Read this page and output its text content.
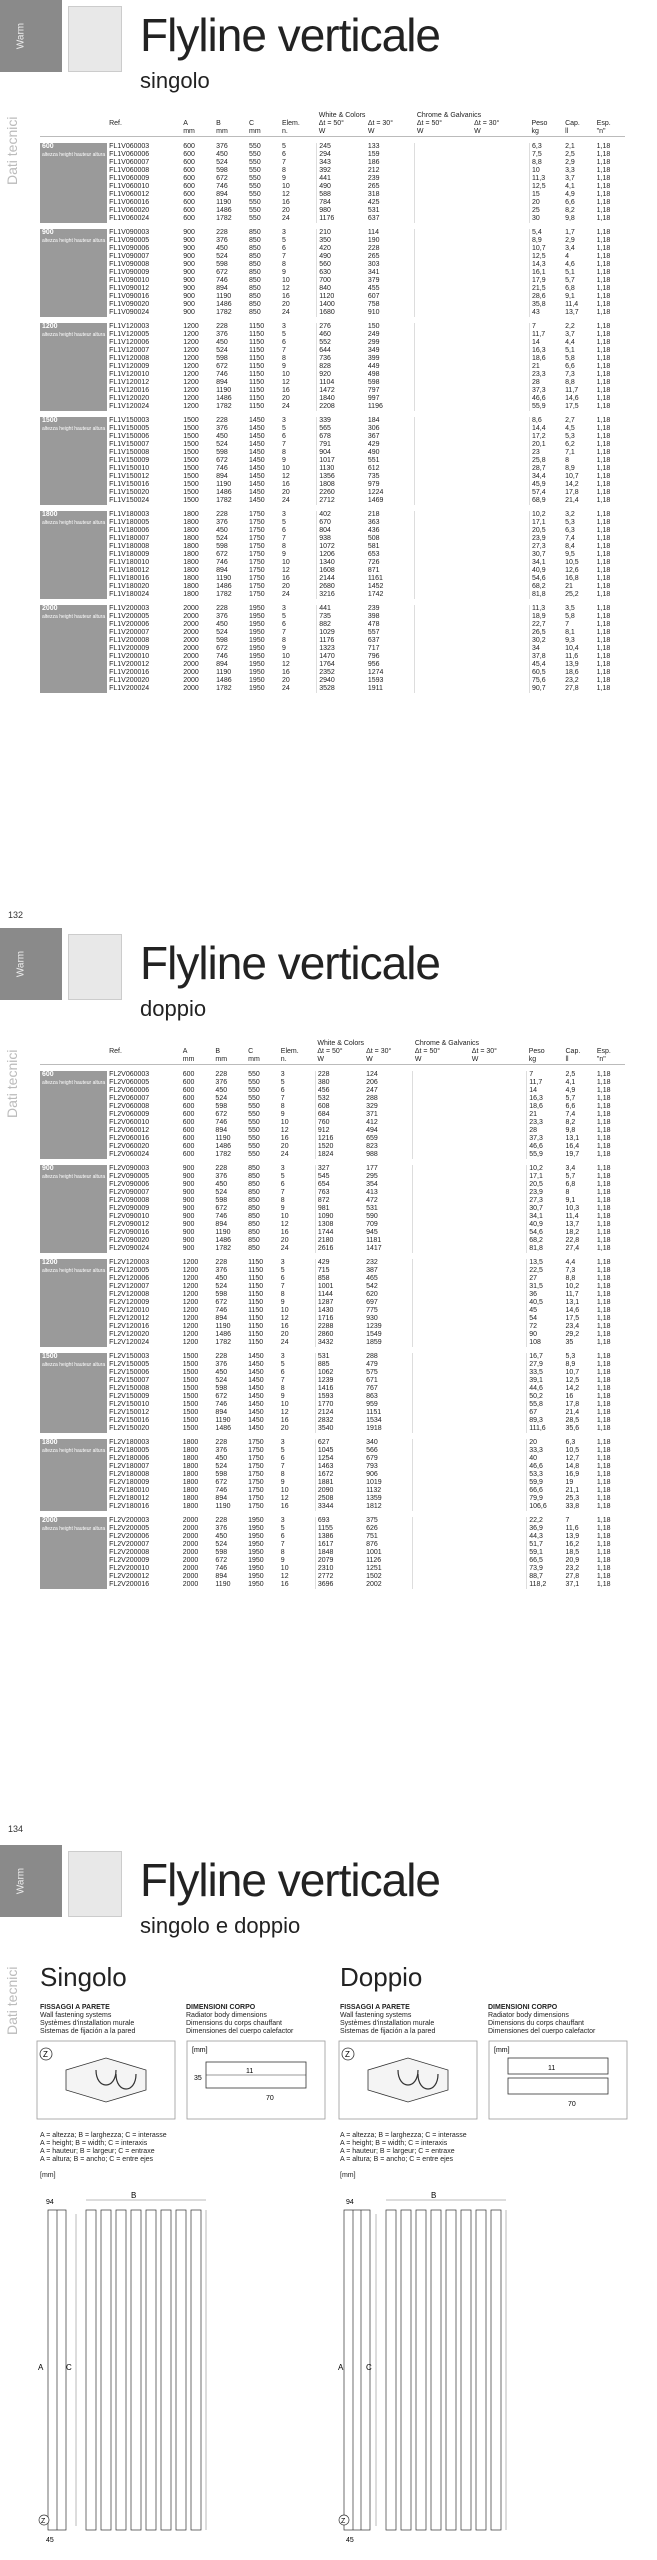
Warm
Dati tecnici
Flyline verticale
singolo
						White & Colors		Chrome & Galvanics				
	Ref.	A	B	C	Elem.	Δt = 50°	Δt = 30°	Δt = 50°	Δt = 30°	Peso	Cap.	Esp.
		mm	mm	mm	n.	W	W	W	W	kg	ll	"n"

600
altezza height hauteur altura	FL1V060003	600	376	550	5	245	133			6,3	2,1	1,18
	FL1V060006	600	450	550	6	294	159			7,5	2,5	1,18
	FL1V060007	600	524	550	7	343	186			8,8	2,9	1,18
	FL1V060008	600	598	550	8	392	212			10	3,3	1,18
	FL1V060009	600	672	550	9	441	239			11,3	3,7	1,18
	FL1V060010	600	746	550	10	490	265			12,5	4,1	1,18
	FL1V060012	600	894	550	12	588	318			15	4,9	1,18
	FL1V060016	600	1190	550	16	784	425			20	6,6	1,18
	FL1V060020	600	1486	550	20	980	531			25	8,2	1,18
	FL1V060024	600	1782	550	24	1176	637			30	9,8	1,18

900
altezza height hauteur altura	FL1V090003	900	228	850	3	210	114			5,4	1,7	1,18
	FL1V090005	900	376	850	5	350	190			8,9	2,9	1,18
	FL1V090006	900	450	850	6	420	228			10,7	3,4	1,18
	FL1V090007	900	524	850	7	490	265			12,5	4	1,18
	FL1V090008	900	598	850	8	560	303			14,3	4,6	1,18
	FL1V090009	900	672	850	9	630	341			16,1	5,1	1,18
	FL1V090010	900	746	850	10	700	379			17,9	5,7	1,18
	FL1V090012	900	894	850	12	840	455			21,5	6,8	1,18
	FL1V090016	900	1190	850	16	1120	607			28,6	9,1	1,18
	FL1V090020	900	1486	850	20	1400	758			35,8	11,4	1,18
	FL1V090024	900	1782	850	24	1680	910			43	13,7	1,18

1200
altezza height hauteur altura	FL1V120003	1200	228	1150	3	276	150			7	2,2	1,18
	FL1V120005	1200	376	1150	5	460	249			11,7	3,7	1,18
	FL1V120006	1200	450	1150	6	552	299			14	4,4	1,18
	FL1V120007	1200	524	1150	7	644	349			16,3	5,1	1,18
	FL1V120008	1200	598	1150	8	736	399			18,6	5,8	1,18
	FL1V120009	1200	672	1150	9	828	449			21	6,6	1,18
	FL1V120010	1200	746	1150	10	920	498			23,3	7,3	1,18
	FL1V120012	1200	894	1150	12	1104	598			28	8,8	1,18
	FL1V120016	1200	1190	1150	16	1472	797			37,3	11,7	1,18
	FL1V120020	1200	1486	1150	20	1840	997			46,6	14,6	1,18
	FL1V120024	1200	1782	1150	24	2208	1196			55,9	17,5	1,18

1500
altezza height hauteur altura	FL1V150003	1500	228	1450	3	339	184			8,6	2,7	1,18
	FL1V150005	1500	376	1450	5	565	306			14,4	4,5	1,18
	FL1V150006	1500	450	1450	6	678	367			17,2	5,3	1,18
	FL1V150007	1500	524	1450	7	791	429			20,1	6,2	1,18
	FL1V150008	1500	598	1450	8	904	490			23	7,1	1,18
	FL1V150009	1500	672	1450	9	1017	551			25,8	8	1,18
	FL1V150010	1500	746	1450	10	1130	612			28,7	8,9	1,18
	FL1V150012	1500	894	1450	12	1356	735			34,4	10,7	1,18
	FL1V150016	1500	1190	1450	16	1808	979			45,9	14,2	1,18
	FL1V150020	1500	1486	1450	20	2260	1224			57,4	17,8	1,18
	FL1V150024	1500	1782	1450	24	2712	1469			68,9	21,4	1,18

1800
altezza height hauteur altura	FL1V180003	1800	228	1750	3	402	218			10,2	3,2	1,18
	FL1V180005	1800	376	1750	5	670	363			17,1	5,3	1,18
	FL1V180006	1800	450	1750	6	804	436			20,5	6,3	1,18
	FL1V180007	1800	524	1750	7	938	508			23,9	7,4	1,18
	FL1V180008	1800	598	1750	8	1072	581			27,3	8,4	1,18
	FL1V180009	1800	672	1750	9	1206	653			30,7	9,5	1,18
	FL1V180010	1800	746	1750	10	1340	726			34,1	10,5	1,18
	FL1V180012	1800	894	1750	12	1608	871			40,9	12,6	1,18
	FL1V180016	1800	1190	1750	16	2144	1161			54,6	16,8	1,18
	FL1V180020	1800	1486	1750	20	2680	1452			68,2	21	1,18
	FL1V180024	1800	1782	1750	24	3216	1742			81,8	25,2	1,18

2000
altezza height hauteur altura	FL1V200003	2000	228	1950	3	441	239			11,3	3,5	1,18
	FL1V200005	2000	376	1950	5	735	398			18,9	5,8	1,18
	FL1V200006	2000	450	1950	6	882	478			22,7	7	1,18
	FL1V200007	2000	524	1950	7	1029	557			26,5	8,1	1,18
	FL1V200008	2000	598	1950	8	1176	637			30,2	9,3	1,18
	FL1V200009	2000	672	1950	9	1323	717			34	10,4	1,18
	FL1V200010	2000	746	1950	10	1470	796			37,8	11,6	1,18
	FL1V200012	2000	894	1950	12	1764	956			45,4	13,9	1,18
	FL1V200016	2000	1190	1950	16	2352	1274			60,5	18,6	1,18
	FL1V200020	2000	1486	1950	20	2940	1593			75,6	23,2	1,18
	FL1V200024	2000	1782	1950	24	3528	1911			90,7	27,8	1,18
132
Warm
Dati tecnici
Flyline verticale
doppio
						White & Colors		Chrome & Galvanics				
	Ref.	A	B	C	Elem.	Δt = 50°	Δt = 30°	Δt = 50°	Δt = 30°	Peso	Cap.	Esp.
		mm	mm	mm	n.	W	W	W	W	kg	ll	"n"

600
altezza height hauteur altura	FL2V060003	600	228	550	3	228	124			7	2,5	1,18
	FL2V060005	600	376	550	5	380	206			11,7	4,1	1,18
	FL2V060006	600	450	550	6	456	247			14	4,9	1,18
	FL2V060007	600	524	550	7	532	288			16,3	5,7	1,18
	FL2V060008	600	598	550	8	608	329			18,6	6,6	1,18
	FL2V060009	600	672	550	9	684	371			21	7,4	1,18
	FL2V060010	600	746	550	10	760	412			23,3	8,2	1,18
	FL2V060012	600	894	550	12	912	494			28	9,8	1,18
	FL2V060016	600	1190	550	16	1216	659			37,3	13,1	1,18
	FL2V060020	600	1486	550	20	1520	823			46,6	16,4	1,18
	FL2V060024	600	1782	550	24	1824	988			55,9	19,7	1,18

900
altezza height hauteur altura	FL2V090003	900	228	850	3	327	177			10,2	3,4	1,18
	FL2V090005	900	376	850	5	545	295			17,1	5,7	1,18
	FL2V090006	900	450	850	6	654	354			20,5	6,8	1,18
	FL2V090007	900	524	850	7	763	413			23,9	8	1,18
	FL2V090008	900	598	850	8	872	472			27,3	9,1	1,18
	FL2V090009	900	672	850	9	981	531			30,7	10,3	1,18
	FL2V090010	900	746	850	10	1090	590			34,1	11,4	1,18
	FL2V090012	900	894	850	12	1308	709			40,9	13,7	1,18
	FL2V090016	900	1190	850	16	1744	945			54,6	18,2	1,18
	FL2V090020	900	1486	850	20	2180	1181			68,2	22,8	1,18
	FL2V090024	900	1782	850	24	2616	1417			81,8	27,4	1,18

1200
altezza height hauteur altura	FL2V120003	1200	228	1150	3	429	232			13,5	4,4	1,18
	FL2V120005	1200	376	1150	5	715	387			22,5	7,3	1,18
	FL2V120006	1200	450	1150	6	858	465			27	8,8	1,18
	FL2V120007	1200	524	1150	7	1001	542			31,5	10,2	1,18
	FL2V120008	1200	598	1150	8	1144	620			36	11,7	1,18
	FL2V120009	1200	672	1150	9	1287	697			40,5	13,1	1,18
	FL2V120010	1200	746	1150	10	1430	775			45	14,6	1,18
	FL2V120012	1200	894	1150	12	1716	930			54	17,5	1,18
	FL2V120016	1200	1190	1150	16	2288	1239			72	23,4	1,18
	FL2V120020	1200	1486	1150	20	2860	1549			90	29,2	1,18
	FL2V120024	1200	1782	1150	24	3432	1859			108	35	1,18

1500
altezza height hauteur altura	FL2V150003	1500	228	1450	3	531	288			16,7	5,3	1,18
	FL2V150005	1500	376	1450	5	885	479			27,9	8,9	1,18
	FL2V150006	1500	450	1450	6	1062	575			33,5	10,7	1,18
	FL2V150007	1500	524	1450	7	1239	671			39,1	12,5	1,18
	FL2V150008	1500	598	1450	8	1416	767			44,6	14,2	1,18
	FL2V150009	1500	672	1450	9	1593	863			50,2	16	1,18
	FL2V150010	1500	746	1450	10	1770	959			55,8	17,8	1,18
	FL2V150012	1500	894	1450	12	2124	1151			67	21,4	1,18
	FL2V150016	1500	1190	1450	16	2832	1534			89,3	28,5	1,18
	FL2V150020	1500	1486	1450	20	3540	1918			111,6	35,6	1,18

1800
altezza height hauteur altura	FL2V180003	1800	228	1750	3	627	340			20	6,3	1,18
	FL2V180005	1800	376	1750	5	1045	566			33,3	10,5	1,18
	FL2V180006	1800	450	1750	6	1254	679			40	12,7	1,18
	FL2V180007	1800	524	1750	7	1463	793			46,6	14,8	1,18
	FL2V180008	1800	598	1750	8	1672	906			53,3	16,9	1,18
	FL2V180009	1800	672	1750	9	1881	1019			59,9	19	1,18
	FL2V180010	1800	746	1750	10	2090	1132			66,6	21,1	1,18
	FL2V180012	1800	894	1750	12	2508	1359			79,9	25,3	1,18
	FL2V180016	1800	1190	1750	16	3344	1812			106,6	33,8	1,18

2000
altezza height hauteur altura	FL2V200003	2000	228	1950	3	693	375			22,2	7	1,18
	FL2V200005	2000	376	1950	5	1155	626			36,9	11,6	1,18
	FL2V200006	2000	450	1950	6	1386	751			44,3	13,9	1,18
	FL2V200007	2000	524	1950	7	1617	876			51,7	16,2	1,18
	FL2V200008	2000	598	1950	8	1848	1001			59,1	18,5	1,18
	FL2V200009	2000	672	1950	9	2079	1126			66,5	20,9	1,18
	FL2V200010	2000	746	1950	10	2310	1251			73,9	23,2	1,18
	FL2V200012	2000	894	1950	12	2772	1502			88,7	27,8	1,18
	FL2V200016	2000	1190	1950	16	3696	2002			118,2	37,1	1,18
134
Warm
Dati tecnici
Flyline verticale
singolo e doppio
Singolo	Doppio
FISSAGGI A PARETE
Wall fastening systems
Systèmes d'installation murale
Sistemas de fijación a la pared
DIMENSIONI CORPO
Radiator body dimensions
Dimensions du corps chauffant
Dimensiones del cuerpo calefactor
FISSAGGI A PARETE
Wall fastening systems
Systèmes d'installation murale
Sistemas de fijación a la pared
DIMENSIONI CORPO
Radiator body dimensions
Dimensions du corps chauffant
Dimensiones del cuerpo calefactor
Z	[mm]
11
70
35
Z	[mm]
11
70
A = altezza; B = larghezza; C = interasse
A = height; B = width; C = interaxis
A = hauteur; B = largeur; C = entraxe
A = altura; B = ancho; C = entre ejes

[mm]
A = altezza; B = larghezza; C = interasse
A = height; B = width; C = interaxis
A = hauteur; B = largeur; C = entraxe
A = altura; B = ancho; C = entre ejes

[mm]
B
C
A
94
45
Z
B
C
A
94
45
Z
